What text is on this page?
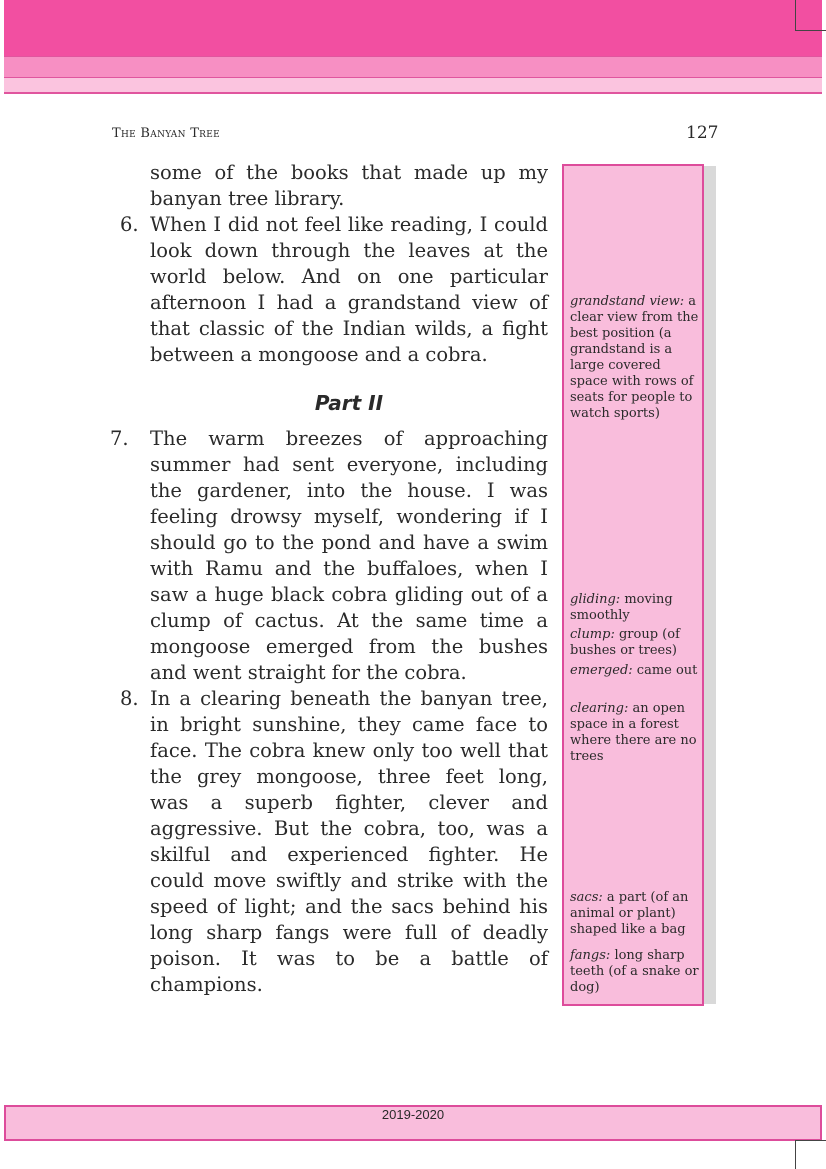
The Banyan Tree	127

some of the books that made up my banyan tree library.

6. When I did not feel like reading, I could look down through the leaves at the world below. And on one particular afternoon I had a grandstand view of that classic of the Indian wilds, a fight between a mongoose and a cobra.

Part II

7. The warm breezes of approaching summer had sent everyone, including the gardener, into the house. I was feeling drowsy myself, wondering if I should go to the pond and have a swim with Ramu and the buffaloes, when I saw a huge black cobra gliding out of a clump of cactus. At the same time a mongoose emerged from the bushes and went straight for the cobra.

8. In a clearing beneath the banyan tree, in bright sunshine, they came face to face. The cobra knew only too well that the grey mongoose, three feet long, was a superb fighter, clever and aggressive. But the cobra, too, was a skilful and experienced fighter. He could move swiftly and strike with the speed of light; and the sacs behind his long sharp fangs were full of deadly poison. It was to be a battle of champions.

grandstand view: a clear view from the best position (a grandstand is a large covered space with rows of seats for people to watch sports)

gliding: moving smoothly

clump: group (of bushes or trees)

emerged: came out

clearing: an open space in a forest where there are no trees

sacs: a part (of an animal or plant) shaped like a bag

fangs: long sharp teeth (of a snake or dog)

2019-2020
